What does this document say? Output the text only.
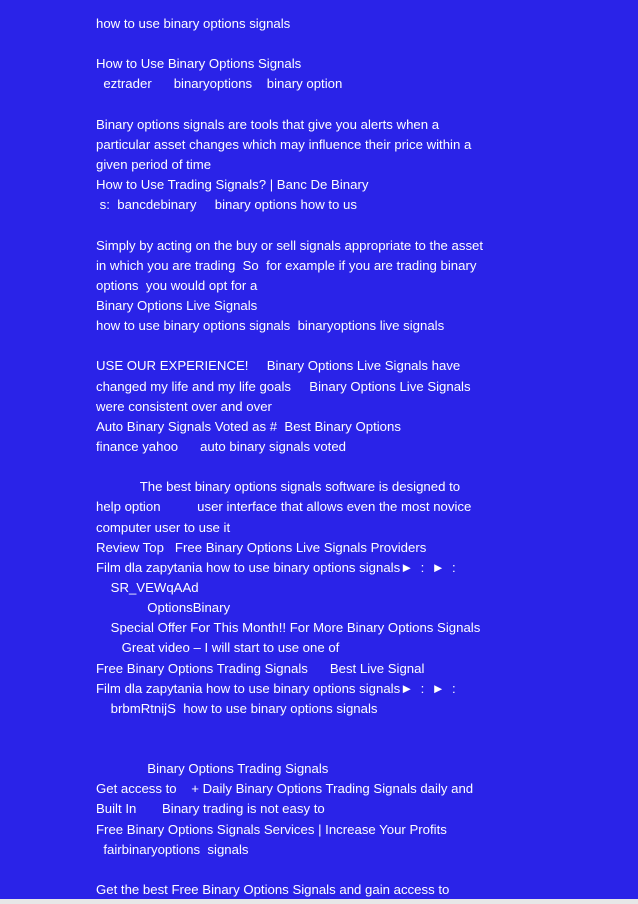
how to use binary options signals
How to Use Binary Options Signals
eztrader      binaryoptions    binary option
Binary options signals are tools that give you alerts when a
particular asset changes which may influence their price within a
given period of time
How to Use Trading Signals? | Banc De Binary
s:  bancdebinary     binary options how to us
Simply by acting on the buy or sell signals appropriate to the asset
in which you are trading  So  for example if you are trading binary
options  you would opt for a
Binary Options Live Signals
how to use binary options signals  binaryoptions live signals
USE OUR EXPERIENCE!     Binary Options Live Signals have
changed my life and my life goals     Binary Options Live Signals
were consistent over and over
Auto Binary Signals Voted as #  Best Binary Options
finance yahoo      auto binary signals voted
The best binary options signals software is designed to
help option          user interface that allows even the most novice
computer user to use it
Review Top   Free Binary Options Live Signals Providers
Film dla zapytania how to use binary options signals►  :  ►  :
SR_VEWqAAd
OptionsBinary
Special Offer For This Month!! For More Binary Options Signals
Great video – I will start to use one of
Free Binary Options Trading Signals      Best Live Signal
Film dla zapytania how to use binary options signals►  :  ►  :
brbmRtnijS  how to use binary options signals
Binary Options Trading Signals
Get access to    + Daily Binary Options Trading Signals daily and
Built In       Binary trading is not easy to
Free Binary Options Signals Services | Increase Your Profits
fairbinaryoptions  signals
Get the best Free Binary Options Signals and gain access to
